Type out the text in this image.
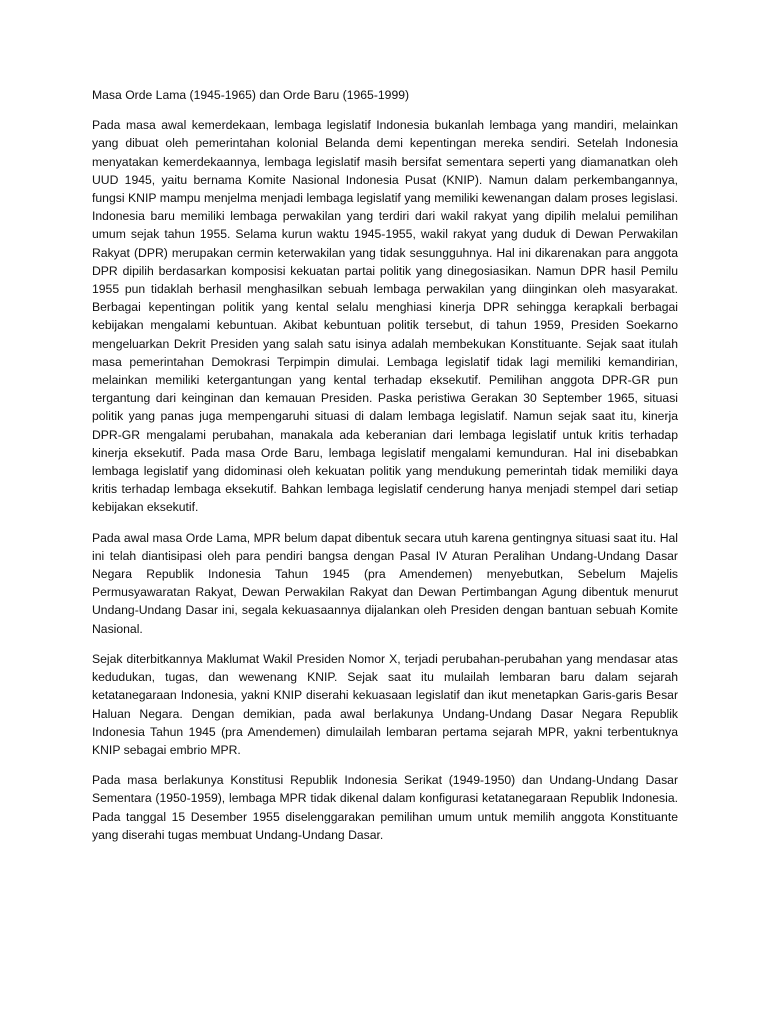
Masa Orde Lama (1945-1965) dan Orde Baru (1965-1999)

Pada masa awal kemerdekaan, lembaga legislatif Indonesia bukanlah lembaga yang mandiri, melainkan yang dibuat oleh pemerintahan kolonial Belanda demi kepentingan mereka sendiri. Setelah Indonesia menyatakan kemerdekaannya, lembaga legislatif masih bersifat sementara seperti yang diamanatkan oleh UUD 1945, yaitu bernama Komite Nasional Indonesia Pusat (KNIP). Namun dalam perkembangannya, fungsi KNIP mampu menjelma menjadi lembaga legislatif yang memiliki kewenangan dalam proses legislasi. Indonesia baru memiliki lembaga perwakilan yang terdiri dari wakil rakyat yang dipilih melalui pemilihan umum sejak tahun 1955. Selama kurun waktu 1945-1955, wakil rakyat yang duduk di Dewan Perwakilan Rakyat (DPR) merupakan cermin keterwakilan yang tidak sesungguhnya. Hal ini dikarenakan para anggota DPR dipilih berdasarkan komposisi kekuatan partai politik yang dinegosiasikan. Namun DPR hasil Pemilu 1955 pun tidaklah berhasil menghasilkan sebuah lembaga perwakilan yang diinginkan oleh masyarakat. Berbagai kepentingan politik yang kental selalu menghiasi kinerja DPR sehingga kerapkali berbagai kebijakan mengalami kebuntuan. Akibat kebuntuan politik tersebut, di tahun 1959, Presiden Soekarno mengeluarkan Dekrit Presiden yang salah satu isinya adalah membekukan Konstituante. Sejak saat itulah masa pemerintahan Demokrasi Terpimpin dimulai. Lembaga legislatif tidak lagi memiliki kemandirian, melainkan memiliki ketergantungan yang kental terhadap eksekutif. Pemilihan anggota DPR-GR pun tergantung dari keinginan dan kemauan Presiden. Paska peristiwa Gerakan 30 September 1965, situasi politik yang panas juga mempengaruhi situasi di dalam lembaga legislatif. Namun sejak saat itu, kinerja DPR-GR mengalami perubahan, manakala ada keberanian dari lembaga legislatif untuk kritis terhadap kinerja eksekutif. Pada masa Orde Baru, lembaga legislatif mengalami kemunduran. Hal ini disebabkan lembaga legislatif yang didominasi oleh kekuatan politik yang mendukung pemerintah tidak memiliki daya kritis terhadap lembaga eksekutif. Bahkan lembaga legislatif cenderung hanya menjadi stempel dari setiap kebijakan eksekutif.

Pada awal masa Orde Lama, MPR belum dapat dibentuk secara utuh karena gentingnya situasi saat itu. Hal ini telah diantisipasi oleh para pendiri bangsa dengan Pasal IV Aturan Peralihan Undang-Undang Dasar Negara Republik Indonesia Tahun 1945 (pra Amendemen) menyebutkan, Sebelum Majelis Permusyawaratan Rakyat, Dewan Perwakilan Rakyat dan Dewan Pertimbangan Agung dibentuk menurut Undang-Undang Dasar ini, segala kekuasaannya dijalankan oleh Presiden dengan bantuan sebuah Komite Nasional.

Sejak diterbitkannya Maklumat Wakil Presiden Nomor X, terjadi perubahan-perubahan yang mendasar atas kedudukan, tugas, dan wewenang KNIP. Sejak saat itu mulailah lembaran baru dalam sejarah ketatanegaraan Indonesia, yakni KNIP diserahi kekuasaan legislatif dan ikut menetapkan Garis-garis Besar Haluan Negara. Dengan demikian, pada awal berlakunya Undang-Undang Dasar Negara Republik Indonesia Tahun 1945 (pra Amendemen) dimulailah lembaran pertama sejarah MPR, yakni terbentuknya KNIP sebagai embrio MPR.

Pada masa berlakunya Konstitusi Republik Indonesia Serikat (1949-1950) dan Undang-Undang Dasar Sementara (1950-1959), lembaga MPR tidak dikenal dalam konfigurasi ketatanegaraan Republik Indonesia. Pada tanggal 15 Desember 1955 diselenggarakan pemilihan umum untuk memilih anggota Konstituante yang diserahi tugas membuat Undang-Undang Dasar.
